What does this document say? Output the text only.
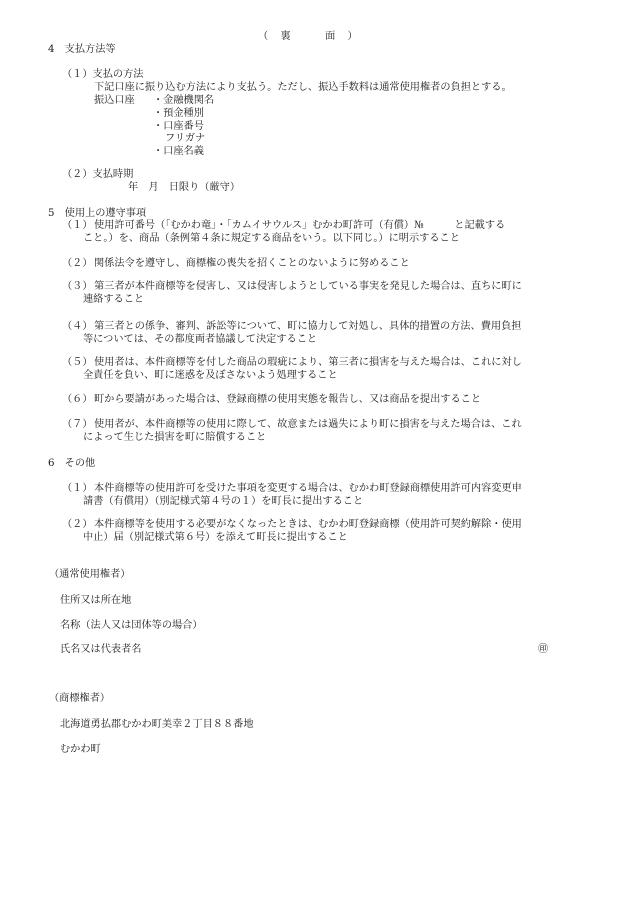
（　裏　　　面　）
4　支払方法等
（１）支払の方法
下記口座に振り込む方法により支払う。ただし、振込手数料は通常使用権者の負担とする。
振込口座 ・金融機関名
・預金種別
・口座番号
フリガナ
・口座名義
（２）支払時期
年　月　日限り（厳守）
5　使用上の遵守事項
（１） 使用許可番号（「むかわ竜」・「カムイサウルス」むかわ町許可（有償）№　　　と記載する
こと。）を、商品（条例第４条に規定する商品をいう。以下同じ。）に明示すること
（２） 関係法令を遵守し、商標権の喪失を招くことのないように努めること
（３） 第三者が本件商標等を侵害し、又は侵害しようとしている事実を発見した場合は、直ちに町に
連絡すること
（４） 第三者との係争、審判、訴訟等について、町に協力して対処し、具体的措置の方法、費用負担
等については、その都度両者協議して決定すること
（５） 使用者は、本件商標等を付した商品の瑕疵により、第三者に損害を与えた場合は、これに対し
全責任を負い、町に迷惑を及ぼさないよう処理すること
（６） 町から要請があった場合は、登録商標の使用実態を報告し、又は商品を提出すること
（７） 使用者が、本件商標等の使用に際して、故意または過失により町に損害を与えた場合は、これ
によって生じた損害を町に賠償すること
6　その他
（１） 本件商標等の使用許可を受けた事項を変更する場合は、むかわ町登録商標使用許可内容変更申
請書（有償用）（別記様式第４号の１）を町長に提出すること
（２） 本件商標等を使用する必要がなくなったときは、むかわ町登録商標（使用許可契約解除・使用
中止）届（別記様式第６号）を添えて町長に提出すること
（通常使用権者）
住所又は所在地
名称（法人又は団体等の場合）
氏名又は代表者名	㊞
（商標権者）
北海道勇払郡むかわ町美幸２丁目８８番地
むかわ町
